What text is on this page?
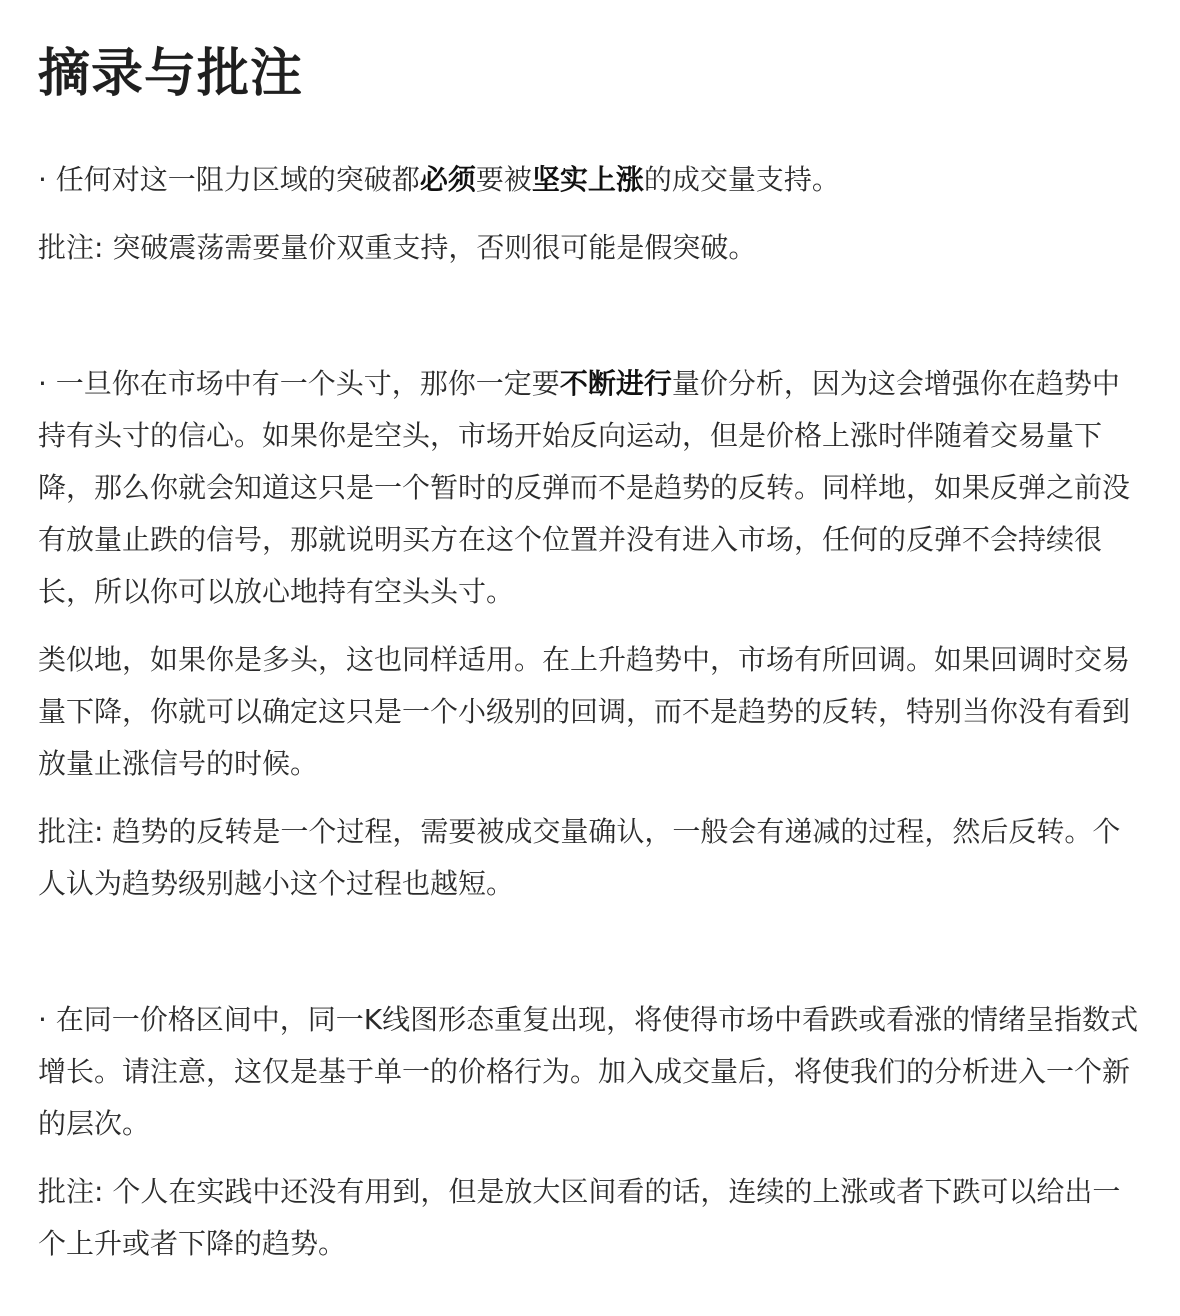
摘录与批注

· 任何对这一阻力区域的突破都必须要被坚实上涨的成交量支持。

批注: 突破震荡需要量价双重支持，否则很可能是假突破。

· 一旦你在市场中有一个头寸，那你一定要不断进行量价分析，因为这会增强你在趋势中持有头寸的信心。如果你是空头，市场开始反向运动，但是价格上涨时伴随着交易量下降，那么你就会知道这只是一个暂时的反弹而不是趋势的反转。同样地，如果反弹之前没有放量止跌的信号，那就说明买方在这个位置并没有进入市场，任何的反弹不会持续很长，所以你可以放心地持有空头头寸。

类似地，如果你是多头，这也同样适用。在上升趋势中，市场有所回调。如果回调时交易量下降，你就可以确定这只是一个小级别的回调，而不是趋势的反转，特别当你没有看到放量止涨信号的时候。

批注: 趋势的反转是一个过程，需要被成交量确认，一般会有递减的过程，然后反转。个人认为趋势级别越小这个过程也越短。

· 在同一价格区间中，同一K线图形态重复出现，将使得市场中看跌或看涨的情绪呈指数式增长。请注意，这仅是基于单一的价格行为。加入成交量后，将使我们的分析进入一个新的层次。

批注: 个人在实践中还没有用到，但是放大区间看的话，连续的上涨或者下跌可以给出一个上升或者下降的趋势。
